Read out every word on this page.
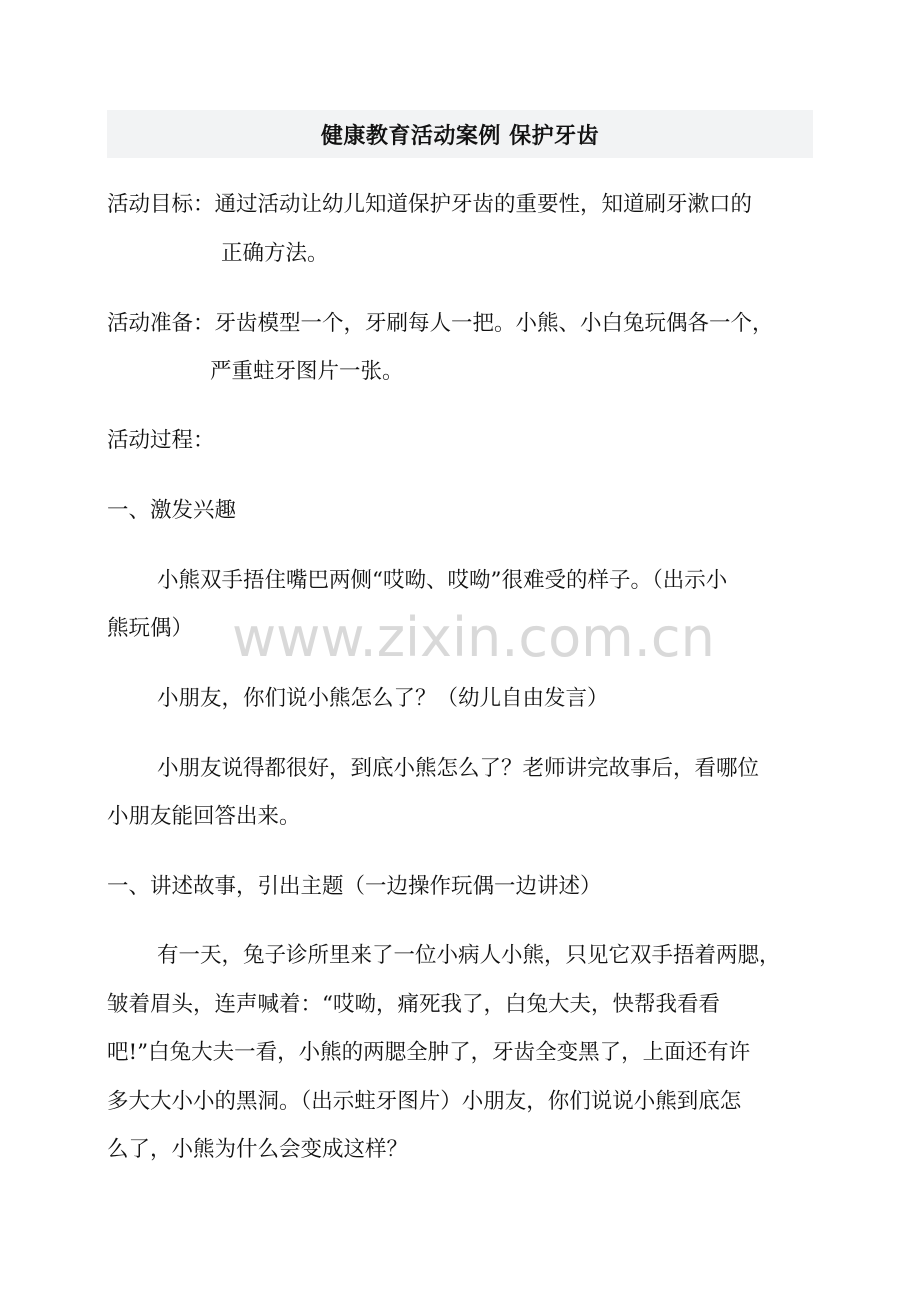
健康教育活动案例 保护牙齿
活动目标：通过活动让幼儿知道保护牙齿的重要性，知道刷牙漱口的
正确方法。
活动准备：牙齿模型一个，牙刷每人一把。小熊、小白兔玩偶各一个，
严重蛀牙图片一张。
活动过程：
一、激发兴趣
小熊双手捂住嘴巴两侧“哎呦、哎呦”很难受的样子。（出示小
熊玩偶）
小朋友，你们说小熊怎么了？（幼儿自由发言）
小朋友说得都很好，到底小熊怎么了？老师讲完故事后，看哪位
小朋友能回答出来。
一、讲述故事，引出主题（一边操作玩偶一边讲述）
有一天，兔子诊所里来了一位小病人小熊，只见它双手捂着两腮，
皱着眉头，连声喊着：“哎呦，痛死我了，白兔大夫，快帮我看看
吧!”白兔大夫一看，小熊的两腮全肿了，牙齿全变黑了，上面还有许
多大大小小的黑洞。（出示蛀牙图片）小朋友，你们说说小熊到底怎
么了，小熊为什么会变成这样？
www.zixin.com.cn
